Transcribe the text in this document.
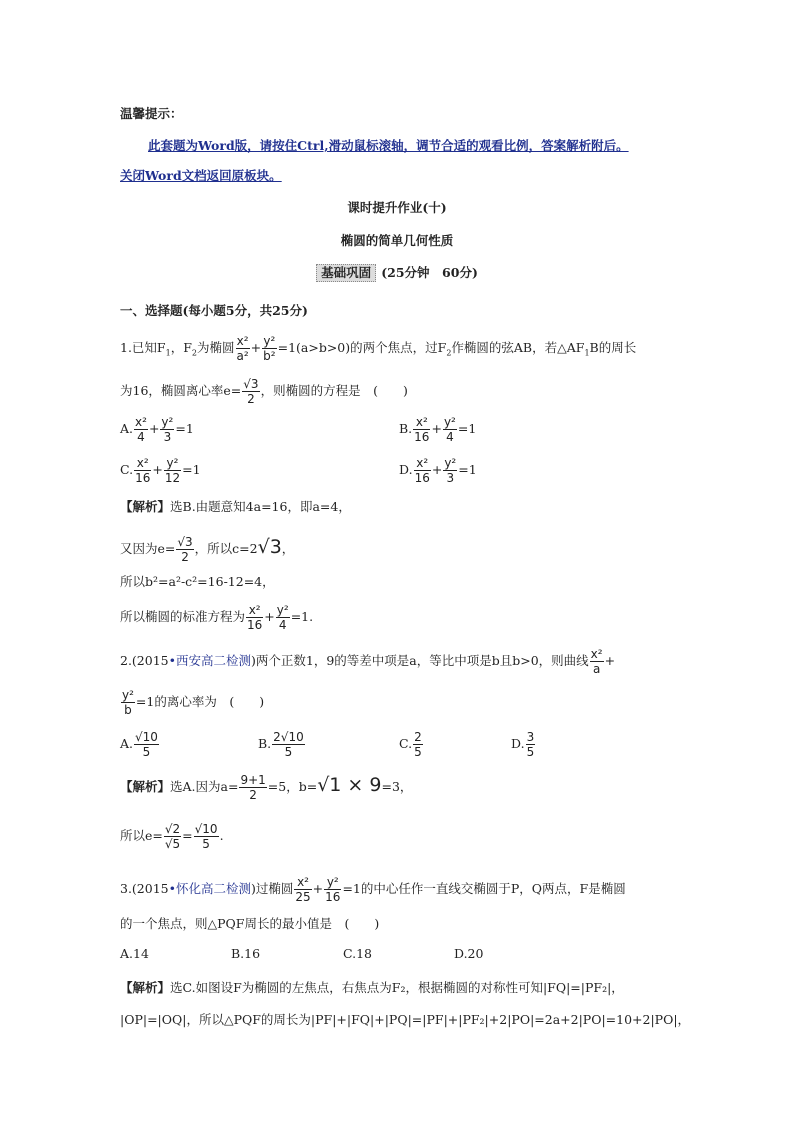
温馨提示：
此套题为Word版，请按住Ctrl,滑动鼠标滚轴，调节合适的观看比例，答案解析附后。
关闭Word文档返回原板块。
课时提升作业(十)
椭圆的简单几何性质
基础巩固 (25分钟　60分)
一、选择题(每小题5分，共25分)
1.已知$F_1$，$F_2$为椭圆 $\frac{\text{x²}}{\text{a²}} + \frac{\text{y²}}{\text{b²}} =1(a>b>0)$的两个焦点，过$F_2$作椭圆的弦AB，若$\triangle AF_1B$的周长
为16，椭圆离心率$e= \frac{√3}{2}$ ，则椭圆的方程是　(　　)
A. $\frac{\text{x²}}{4} + \frac{\text{y²}}{3} =1$	B. $\frac{\text{x²}}{16} + \frac{\text{y²}}{4} =1$
C. $\frac{\text{x²}}{16} + \frac{\text{y²}}{12} =1$	D. $\frac{\text{x²}}{16} + \frac{\text{y²}}{3} =1$
【解析】选B.由题意知4a=16，即a=4，
又因为$e= \frac{√3}{2}$ ，所以c=2√3，
所以b²=a²-c²=16-12=4，
所以椭圆的标准方程为 $\frac{\text{x²}}{16} + \frac{\text{y²}}{4} =1$.
2.(2015•西安高二检测)两个正数1，9的等差中项是a，等比中项是b且b>0，则曲线 $\frac{\text{x²}}{a}$ +
$\frac{\text{y²}}{b} =1$的离心率为　(　　)
A. $\frac{√10}{5}$	B. $\frac{2√10}{5}$	C. $\frac{2}{5}$	D. $\frac{3}{5}$
【解析】选A.因为$a= \frac{9+1}{2} =5$，b=√1 × 9=3，
所以$e= \frac{√2}{√5} = \frac{√10}{5}$ .
3.(2015•怀化高二检测)过椭圆 $\frac{\text{x²}}{25} + \frac{\text{y²}}{16} =1$的中心任作一直线交椭圆于P，Q两点，F是椭圆
的一个焦点，则△PQF周长的最小值是　(　　)
A.14	B.16	C.18	D.20
【解析】选C.如图设F为椭圆的左焦点，右焦点为F₂，根据椭圆的对称性可知|FQ|=|PF₂|，
|OP|=|OQ|，所以△PQF的周长为|PF|+|FQ|+|PQ|=|PF|+|PF₂|+2|PO|=2a+2|PO|=10+2|PO|，
